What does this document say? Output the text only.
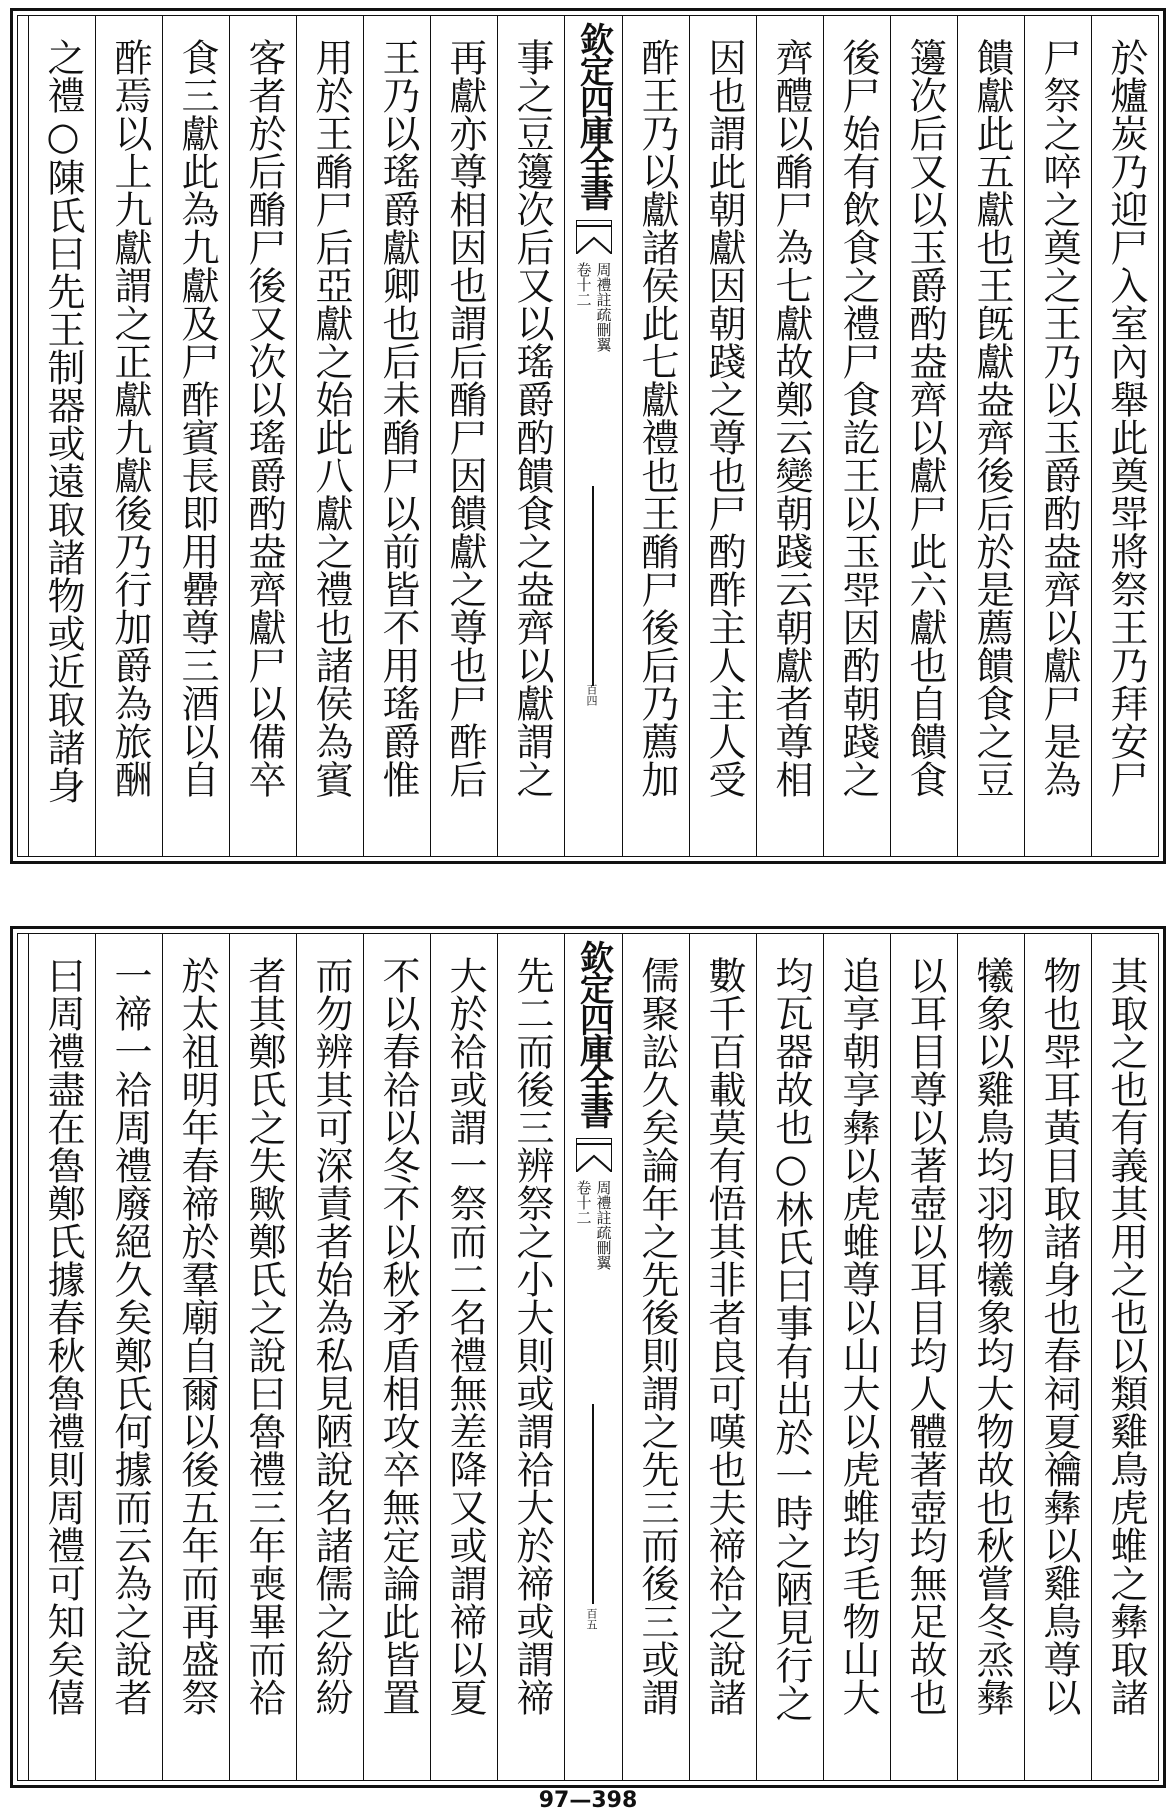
於爐炭乃迎尸入室內舉此奠斝將祭王乃拜安尸
尸祭之啐之奠之王乃以玉爵酌盎齊以獻尸是為
饋獻此五獻也王旣獻盎齊後后於是薦饋食之豆
籩次后又以玉爵酌盎齊以獻尸此六獻也自饋食
後尸始有飲食之禮尸食訖王以玉斝因酌朝踐之
齊醴以酳尸為七獻故鄭云變朝踐云朝獻者尊相
因也謂此朝獻因朝踐之尊也尸酌酢主人主人受
酢王乃以獻諸侯此七獻禮也王酳尸後后乃薦加
欽定四庫全書
周禮註疏刪翼
卷十二
百四
事之豆籩次后又以瑤爵酌饋食之盎齊以獻謂之
再獻亦尊相因也謂后酳尸因饋獻之尊也尸酢后
王乃以瑤爵獻卿也后未酳尸以前皆不用瑤爵惟
用於王酳尸后亞獻之始此八獻之禮也諸侯為賓
客者於后酳尸後又次以瑤爵酌盎齊獻尸以備卒
食三獻此為九獻及尸酢賓長即用罍尊三酒以自
酢焉以上九獻謂之正獻九獻後乃行加爵為旅酬
之禮○陳氏曰先王制器或遠取諸物或近取諸身
其取之也有義其用之也以類雞鳥虎蜼之彝取諸
物也斝耳黃目取諸身也春祠夏禴彝以雞鳥尊以
犧象以雞鳥均羽物犧象均大物故也秋嘗冬烝彝
以耳目尊以著壺以耳目均人體著壺均無足故也
追享朝享彝以虎蜼尊以山大以虎蜼均毛物山大
均瓦器故也○林氏曰事有出於一時之陋見行之
數千百載莫有悟其非者良可嘆也夫禘祫之說諸
儒聚訟久矣論年之先後則謂之先三而後三或謂
欽定四庫全書
周禮註疏刪翼
卷十二
百五
先二而後三辨祭之小大則或謂祫大於禘或謂禘
大於祫或謂一祭而二名禮無差降又或謂禘以夏
不以春祫以冬不以秋矛盾相攻卒無定論此皆置
而勿辨其可深責者始為私見陋說名諸儒之紛紛
者其鄭氏之失歟鄭氏之說曰魯禮三年喪畢而祫
於太祖明年春禘於羣廟自爾以後五年而再盛祭
一禘一祫周禮廢絕久矣鄭氏何據而云為之說者
曰周禮盡在魯鄭氏據春秋魯禮則周禮可知矣僖
97—398
